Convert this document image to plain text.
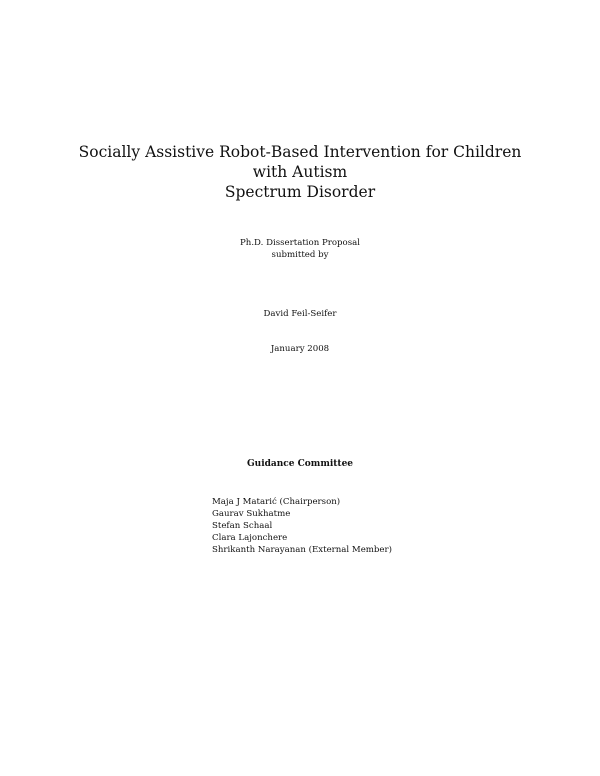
Socially Assistive Robot-Based Intervention for Children with Autism
Spectrum Disorder
Ph.D. Dissertation Proposal
submitted by
David Feil-Seifer
January 2008
Guidance Committee
Maja J Matarić (Chairperson)
Gaurav Sukhatme
Stefan Schaal
Clara Lajonchere
Shrikanth Narayanan (External Member)
